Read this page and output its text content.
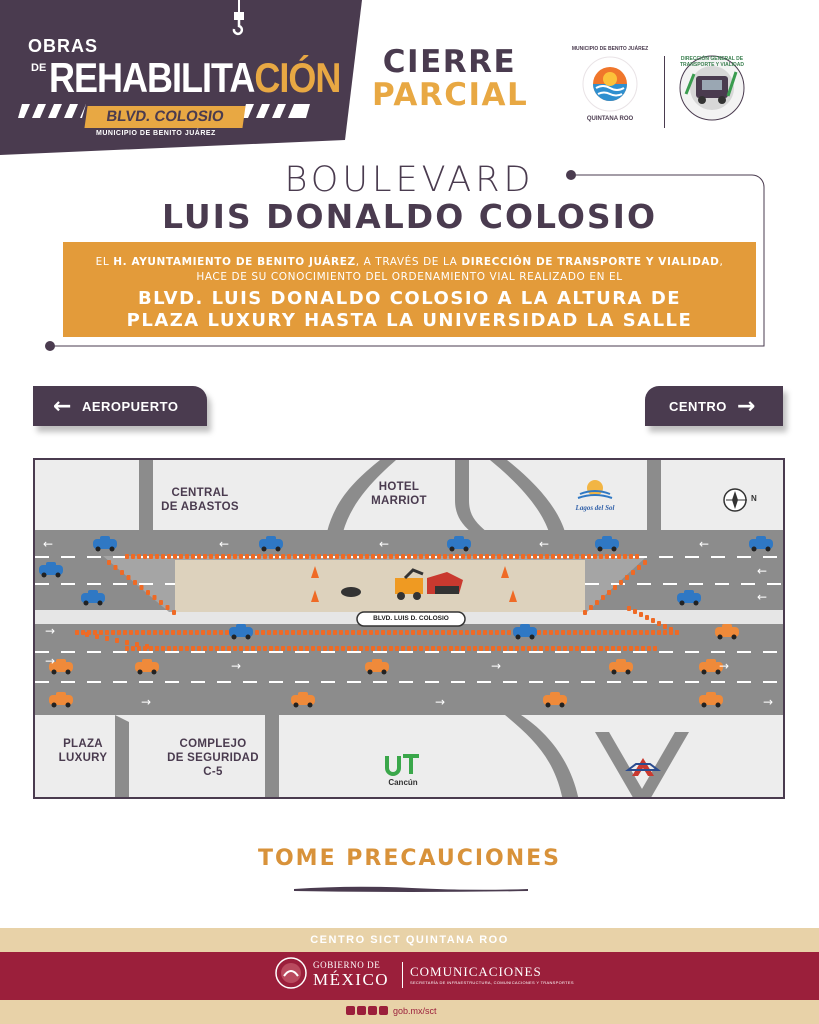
OBRAS
DE REHABILITACIÓN
BLVD. COLOSIO
MUNICIPIO DE BENITO JUÁREZ
CIERRE
PARCIAL
MUNICIPIO DE BENITO JUÁREZ
QUINTANA ROO
DIRECCIÓN GENERAL DE TRANSPORTE Y VIALIDAD
BOULEVARD
LUIS DONALDO COLOSIO
EL H. AYUNTAMIENTO DE BENITO JUÁREZ, A TRAVÉS DE LA DIRECCIÓN DE TRANSPORTE Y VIALIDAD,
HACE DE SU CONOCIMIENTO DEL ORDENAMIENTO VIAL REALIZADO EN EL
BLVD. LUIS DONALDO COLOSIO A LA ALTURA DE
PLAZA LUXURY HASTA LA UNIVERSIDAD LA SALLE
← AEROPUERTO	CENTRO →
←	←	←	←	←
←
←
→
→	→	→	→
→	→	→
CENTRAL
DE ABASTOS
HOTEL
MARRIOT
Lagos del Sol
N
BLVD. LUIS D. COLOSIO
PLAZA
LUXURY
COMPLEJO
DE SEGURIDAD
C-5
Cancún
TOME PRECAUCIONES
CENTRO SICT QUINTANA ROO
GOBIERNO DE
MÉXICO COMUNICACIONES
SECRETARÍA DE INFRAESTRUCTURA, COMUNICACIONES Y TRANSPORTES
gob.mx/sct
